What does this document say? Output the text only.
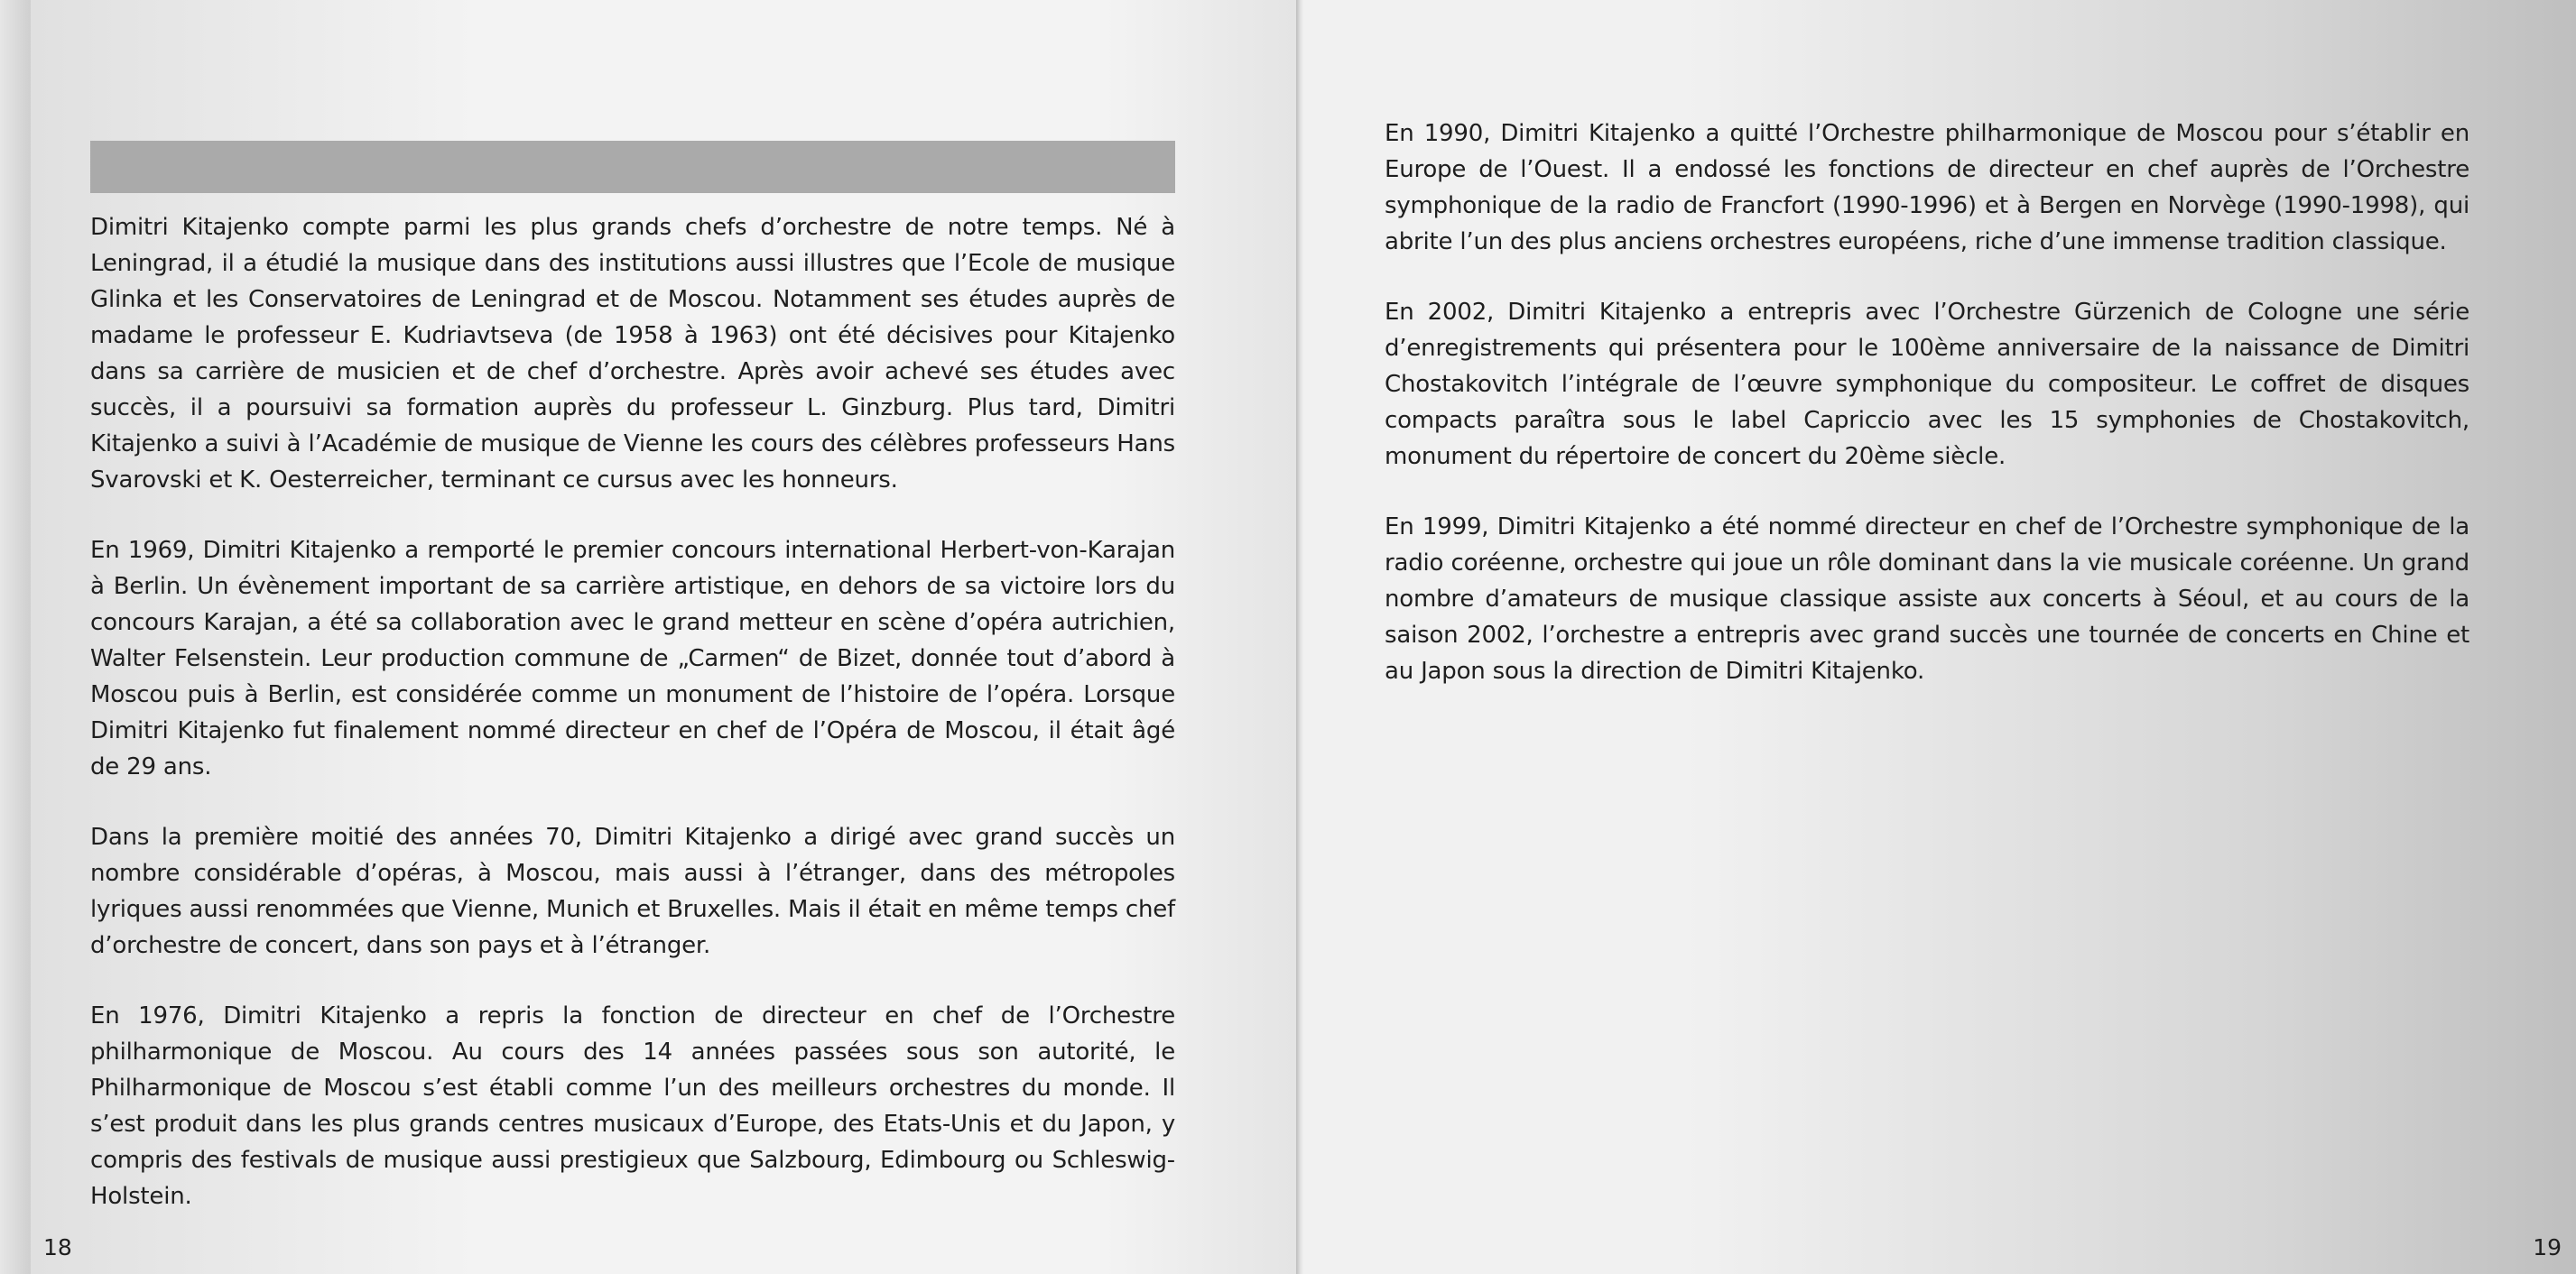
Dimitri Kitajenko compte parmi les plus grands chefs d’orchestre de notre temps. Né à Leningrad, il a étudié la musique dans des institutions aussi illustres que l’Ecole de musique Glinka et les Conservatoires de Leningrad et de Moscou. Notamment ses études auprès de madame le professeur E. Kudriavtseva (de 1958 à 1963) ont été décisives pour Kitajenko dans sa carrière de musicien et de chef d’orchestre. Après avoir achevé ses études avec succès, il a poursuivi sa formation auprès du professeur L. Ginzburg. Plus tard, Dimitri Kitajenko a suivi à l’Académie de musique de Vienne les cours des célèbres professeurs Hans Svarovski et K. Oesterreicher, terminant ce cursus avec les honneurs.

En 1969, Dimitri Kitajenko a remporté le premier concours international Herbert-von-Karajan à Berlin. Un évènement important de sa carrière artistique, en dehors de sa victoire lors du concours Karajan, a été sa collaboration avec le grand metteur en scène d’opéra autrichien, Walter Felsenstein. Leur production commune de „Carmen“ de Bizet, donnée tout d’abord à Moscou puis à Berlin, est considérée comme un monument de l’histoire de l’opéra. Lorsque Dimitri Kitajenko fut finalement nommé directeur en chef de l’Opéra de Moscou, il était âgé de 29 ans.

Dans la première moitié des années 70, Dimitri Kitajenko a dirigé avec grand succès un nombre considérable d’opéras, à Moscou, mais aussi à l’étranger, dans des métropoles lyriques aussi renommées que Vienne, Munich et Bruxelles. Mais il était en même temps chef d’orchestre de concert, dans son pays et à l’étranger.

En 1976, Dimitri Kitajenko a repris la fonction de directeur en chef de l’Orchestre philharmonique de Moscou. Au cours des 14 années passées sous son autorité, le Philharmonique de Moscou s’est établi comme l’un des meilleurs orchestres du monde. Il s’est produit dans les plus grands centres musicaux d’Europe, des Etats-Unis et du Japon, y compris des festivals de musique aussi prestigieux que Salzbourg, Edimbourg ou Schleswig-Holstein.

18

En 1990, Dimitri Kitajenko a quitté l’Orchestre philharmonique de Moscou pour s’établir en Europe de l’Ouest. Il a endossé les fonctions de directeur en chef auprès de l’Orchestre symphonique de la radio de Francfort (1990-1996) et à Bergen en Norvège (1990-1998), qui abrite l’un des plus anciens orchestres européens, riche d’une immense tradition classique.

En 2002, Dimitri Kitajenko a entrepris avec l’Orchestre Gürzenich de Cologne une série d’enregistrements qui présentera pour le 100ème anniversaire de la naissance de Dimitri Chostakovitch l’intégrale de l’œuvre symphonique du compositeur. Le coffret de disques compacts paraîtra sous le label Capriccio avec les 15 symphonies de Chostakovitch, monument du répertoire de concert du 20ème siècle.

En 1999, Dimitri Kitajenko a été nommé directeur en chef de l’Orchestre symphonique de la radio coréenne, orchestre qui joue un rôle dominant dans la vie musicale coréenne. Un grand nombre d’amateurs de musique classique assiste aux concerts à Séoul, et au cours de la saison 2002, l’orchestre a entrepris avec grand succès une tournée de concerts en Chine et au Japon sous la direction de Dimitri Kitajenko.

19
